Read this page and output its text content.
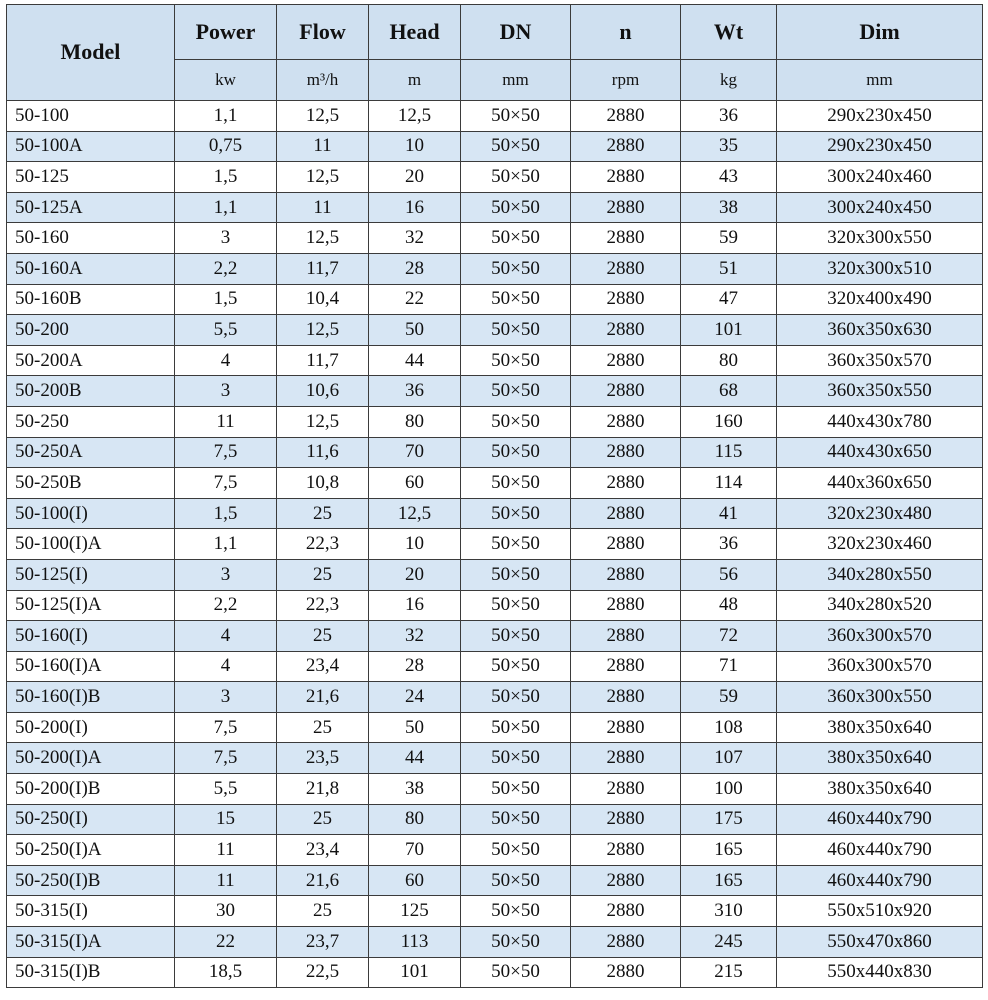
Model	Power	Flow	Head	DN	n	Wt	Dim
	kw	m³/h	m	mm	rpm	kg	mm
50-100	1,1	12,5	12,5	50×50	2880	36	290x230x450
50-100A	0,75	11	10	50×50	2880	35	290x230x450
50-125	1,5	12,5	20	50×50	2880	43	300x240x460
50-125A	1,1	11	16	50×50	2880	38	300x240x450
50-160	3	12,5	32	50×50	2880	59	320x300x550
50-160A	2,2	11,7	28	50×50	2880	51	320x300x510
50-160B	1,5	10,4	22	50×50	2880	47	320x400x490
50-200	5,5	12,5	50	50×50	2880	101	360x350x630
50-200A	4	11,7	44	50×50	2880	80	360x350x570
50-200B	3	10,6	36	50×50	2880	68	360x350x550
50-250	11	12,5	80	50×50	2880	160	440x430x780
50-250A	7,5	11,6	70	50×50	2880	115	440x430x650
50-250B	7,5	10,8	60	50×50	2880	114	440x360x650
50-100(I)	1,5	25	12,5	50×50	2880	41	320x230x480
50-100(I)A	1,1	22,3	10	50×50	2880	36	320x230x460
50-125(I)	3	25	20	50×50	2880	56	340x280x550
50-125(I)A	2,2	22,3	16	50×50	2880	48	340x280x520
50-160(I)	4	25	32	50×50	2880	72	360x300x570
50-160(I)A	4	23,4	28	50×50	2880	71	360x300x570
50-160(I)B	3	21,6	24	50×50	2880	59	360x300x550
50-200(I)	7,5	25	50	50×50	2880	108	380x350x640
50-200(I)A	7,5	23,5	44	50×50	2880	107	380x350x640
50-200(I)B	5,5	21,8	38	50×50	2880	100	380x350x640
50-250(I)	15	25	80	50×50	2880	175	460x440x790
50-250(I)A	11	23,4	70	50×50	2880	165	460x440x790
50-250(I)B	11	21,6	60	50×50	2880	165	460x440x790
50-315(I)	30	25	125	50×50	2880	310	550x510x920
50-315(I)A	22	23,7	113	50×50	2880	245	550x470x860
50-315(I)B	18,5	22,5	101	50×50	2880	215	550x440x830
